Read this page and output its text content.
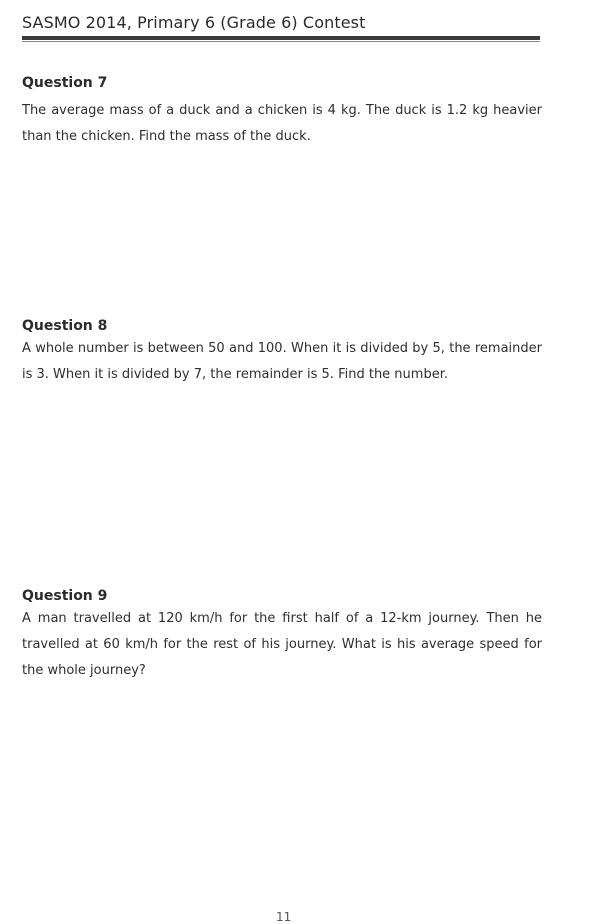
SASMO 2014, Primary 6 (Grade 6) Contest
Question 7
The average mass of a duck and a chicken is 4 kg. The duck is 1.2 kg heavier than the chicken. Find the mass of the duck.
Question 8
A whole number is between 50 and 100. When it is divided by 5, the remainder is 3. When it is divided by 7, the remainder is 5. Find the number.
Question 9
A man travelled at 120 km/h for the first half of a 12-km journey. Then he travelled at 60 km/h for the rest of his journey. What is his average speed for the whole journey?
11
